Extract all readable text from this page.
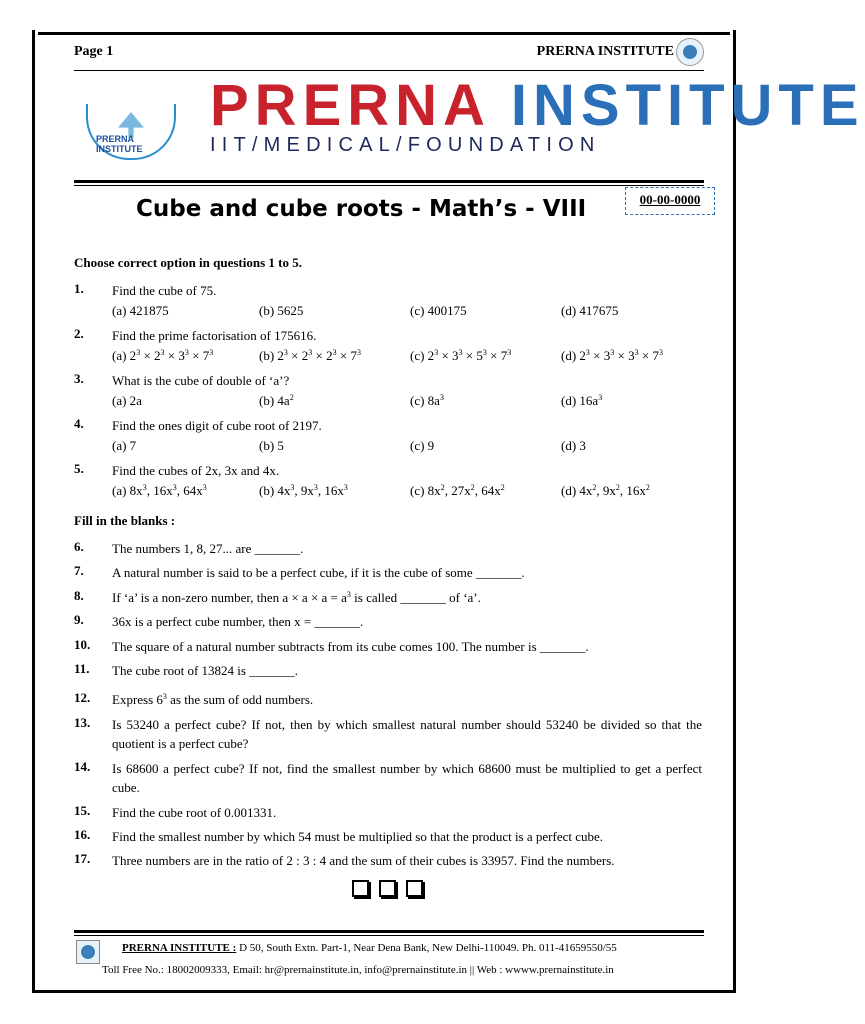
Page 1	PRERNA INSTITUTE
PRERNA INSTITUTE
PRERNA INSTITUTE
IIT/MEDICAL/FOUNDATION
Cube and cube roots - Math’s - VIII	00-00-0000
Choose correct option in questions 1 to 5.
1. Find the cube of 75.
(a) 421875	(b) 5625	(c) 400175	(d) 417675
2. Find the prime factorisation of 175616.
(a) $2^3 \times 2^3 \times 3^3 \times 7^3$	(b) $2^3 \times 2^3 \times 2^3 \times 7^3$	(c) $2^3 \times 3^3 \times 5^3 \times 7^3$	(d) $2^3 \times 3^3 \times 3^3 \times 7^3$
3. What is the cube of double of ‘a’?
(a) 2a	(b) $4a^2$	(c) $8a^3$	(d) $16a^3$
4. Find the ones digit of cube root of 2197.
(a) 7	(b) 5	(c) 9	(d) 3
5. Find the cubes of 2x, 3x and 4x.
(a) $8x^3$, $16x^3$, $64x^3$	(b) $4x^3$, $9x^3$, $16x^3$	(c) $8x^2$, $27x^2$, $64x^2$	(d) $4x^2$, $9x^2$, $16x^2$
Fill in the blanks :
6. The numbers 1, 8, 27... are _______.
7. A natural number is said to be a perfect cube, if it is the cube of some _______.
8. If ‘a’ is a non-zero number, then $a \times a \times a = a^3$ is called _______ of ‘a’.
9. 36x is a perfect cube number, then x = _______.
10. The square of a natural number subtracts from its cube comes 100. The number is _______.
11. The cube root of 13824 is _______.
12. Express $6^3$ as the sum of odd numbers.
13. Is 53240 a perfect cube? If not, then by which smallest natural number should 53240 be divided so that the quotient is a perfect cube?
14. Is 68600 a perfect cube? If not, find the smallest number by which 68600 must be multiplied to get a perfect cube.
15. Find the cube root of 0.001331.
16. Find the smallest number by which 54 must be multiplied so that the product is a perfect cube.
17. Three numbers are in the ratio of 2 : 3 : 4 and the sum of their cubes is 33957. Find the numbers.
PRERNA INSTITUTE : D 50, South Extn. Part-1, Near Dena Bank, New Delhi-110049. Ph. 011-41659550/55
Toll Free No.: 18002009333, Email: hr@prernainstitute.in, info@prernainstitute.in || Web : wwww.prernainstitute.in
